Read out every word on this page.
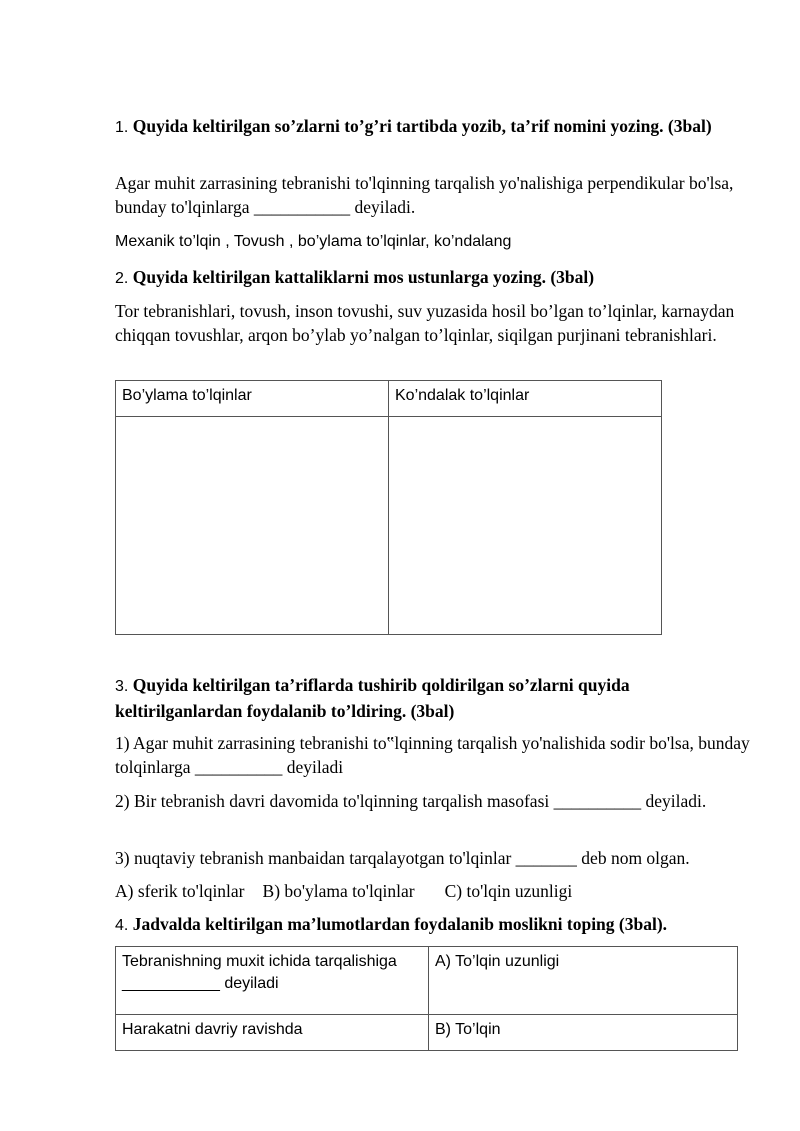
1. Quyida keltirilgan so’zlarni to’g’ri tartibda yozib, ta’rif nomini yozing. (3bal)
Agar muhit zarrasining tebranishi to'lqinning tarqalish yo'nalishiga perpendikular bo'lsa, bunday to'lqinlarga ___________ deyiladi.
Mexanik to’lqin , Tovush , bo’ylama to’lqinlar, ko’ndalang
2. Quyida keltirilgan kattaliklarni mos ustunlarga yozing. (3bal)
Tor tebranishlari, tovush, inson tovushi, suv yuzasida hosil bo’lgan to’lqinlar, karnaydan chiqqan tovushlar, arqon bo’ylab yo’nalgan to’lqinlar, siqilgan purjinani tebranishlari.
Bo’ylama to’lqinlar	Ko’ndalak to’lqinlar

3. Quyida keltirilgan ta’riflarda tushirib qoldirilgan so’zlarni quyida keltirilganlardan foydalanib to’ldiring. (3bal)
1) Agar muhit zarrasining tebranishi to‟lqinning tarqalish yo'nalishida sodir bo'lsa, bunday tolqinlarga __________ deyiladi
2) Bir tebranish davri davomida to'lqinning tarqalish masofasi __________ deyiladi.
3) nuqtaviy tebranish manbaidan tarqalayotgan to'lqinlar _______ deb nom olgan.
A) sferik to'lqinlar B) bo'ylama to'lqinlar C) to'lqin uzunligi
4. Jadvalda keltirilgan ma’lumotlardan foydalanib moslikni toping (3bal).
Tebranishning muxit ichida tarqalishiga ___________ deyiladi	A) To’lqin uzunligi
Harakatni davriy ravishda	B) To’lqin
